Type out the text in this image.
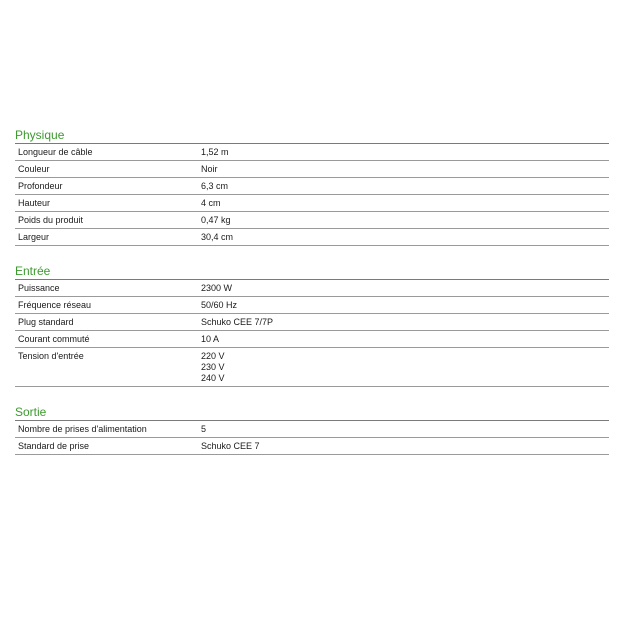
Physique
Longueur de câble	1,52 m
Couleur	Noir
Profondeur	6,3 cm
Hauteur	4 cm
Poids du produit	0,47 kg
Largeur	30,4 cm
Entrée
Puissance	2300 W
Fréquence réseau	50/60 Hz
Plug standard	Schuko CEE 7/7P
Courant commuté	10 A
Tension d'entrée	220 V
230 V
240 V
Sortie
Nombre de prises d'alimentation	5
Standard de prise	Schuko CEE 7
